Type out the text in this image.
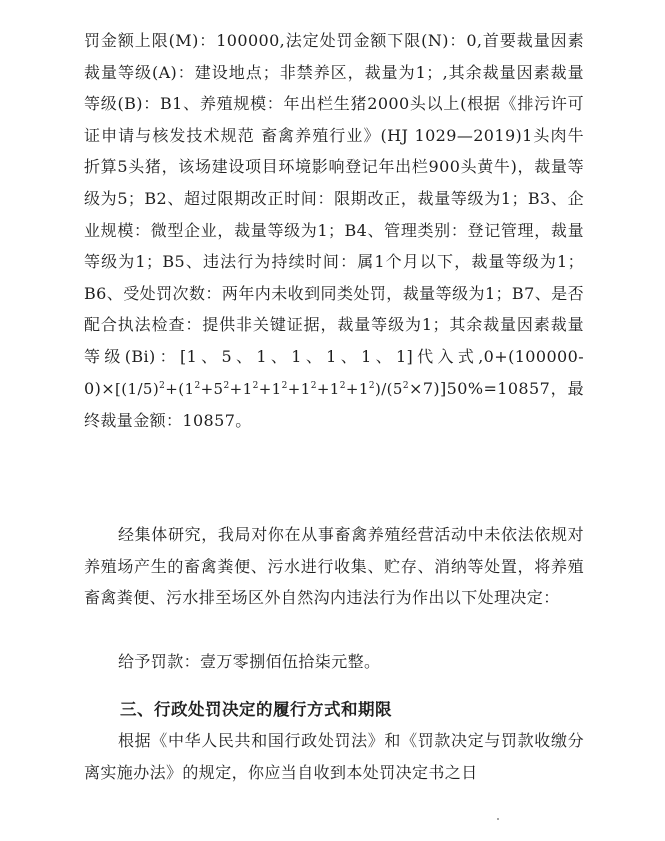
罚金额上限(M)：100000,法定处罚金额下限(N)：0,首要裁量因素裁量等级(A)：建设地点；非禁养区，裁量为1；,其余裁量因素裁量等级(B)：B1、养殖规模：年出栏生猪2000头以上(根据《排污许可证申请与核发技术规范 畜禽养殖行业》(HJ 1029—2019)1头肉牛折算5头猪，该场建设项目环境影响登记年出栏900头黄牛)，裁量等级为5；B2、超过限期改正时间：限期改正，裁量等级为1；B3、企业规模：微型企业，裁量等级为1；B4、管理类别：登记管理，裁量等级为1；B5、违法行为持续时间：属1个月以下，裁量等级为1；B6、受处罚次数：两年内未收到同类处罚，裁量等级为1；B7、是否配合执法检查：提供非关键证据，裁量等级为1；其余裁量因素裁量等级(Bi)：[1、5、1、1、1、1、1]代入式$,0+(100000-0)\times[(1/5)^2+(1^2+5^2+1^2+1^2+1^2+1^2+1^2)/(5^2\times 7)]50\%=10857$，最终裁量金额：10857。

经集体研究，我局对你在从事畜禽养殖经营活动中未依法依规对养殖场产生的畜禽粪便、污水进行收集、贮存、消纳等处置，将养殖畜禽粪便、污水排至场区外自然沟内违法行为作出以下处理决定：

给予罚款：壹万零捌佰伍拾柒元整。

三、行政处罚决定的履行方式和期限

根据《中华人民共和国行政处罚法》和《罚款决定与罚款收缴分离实施办法》的规定，你应当自收到本处罚决定书之日
